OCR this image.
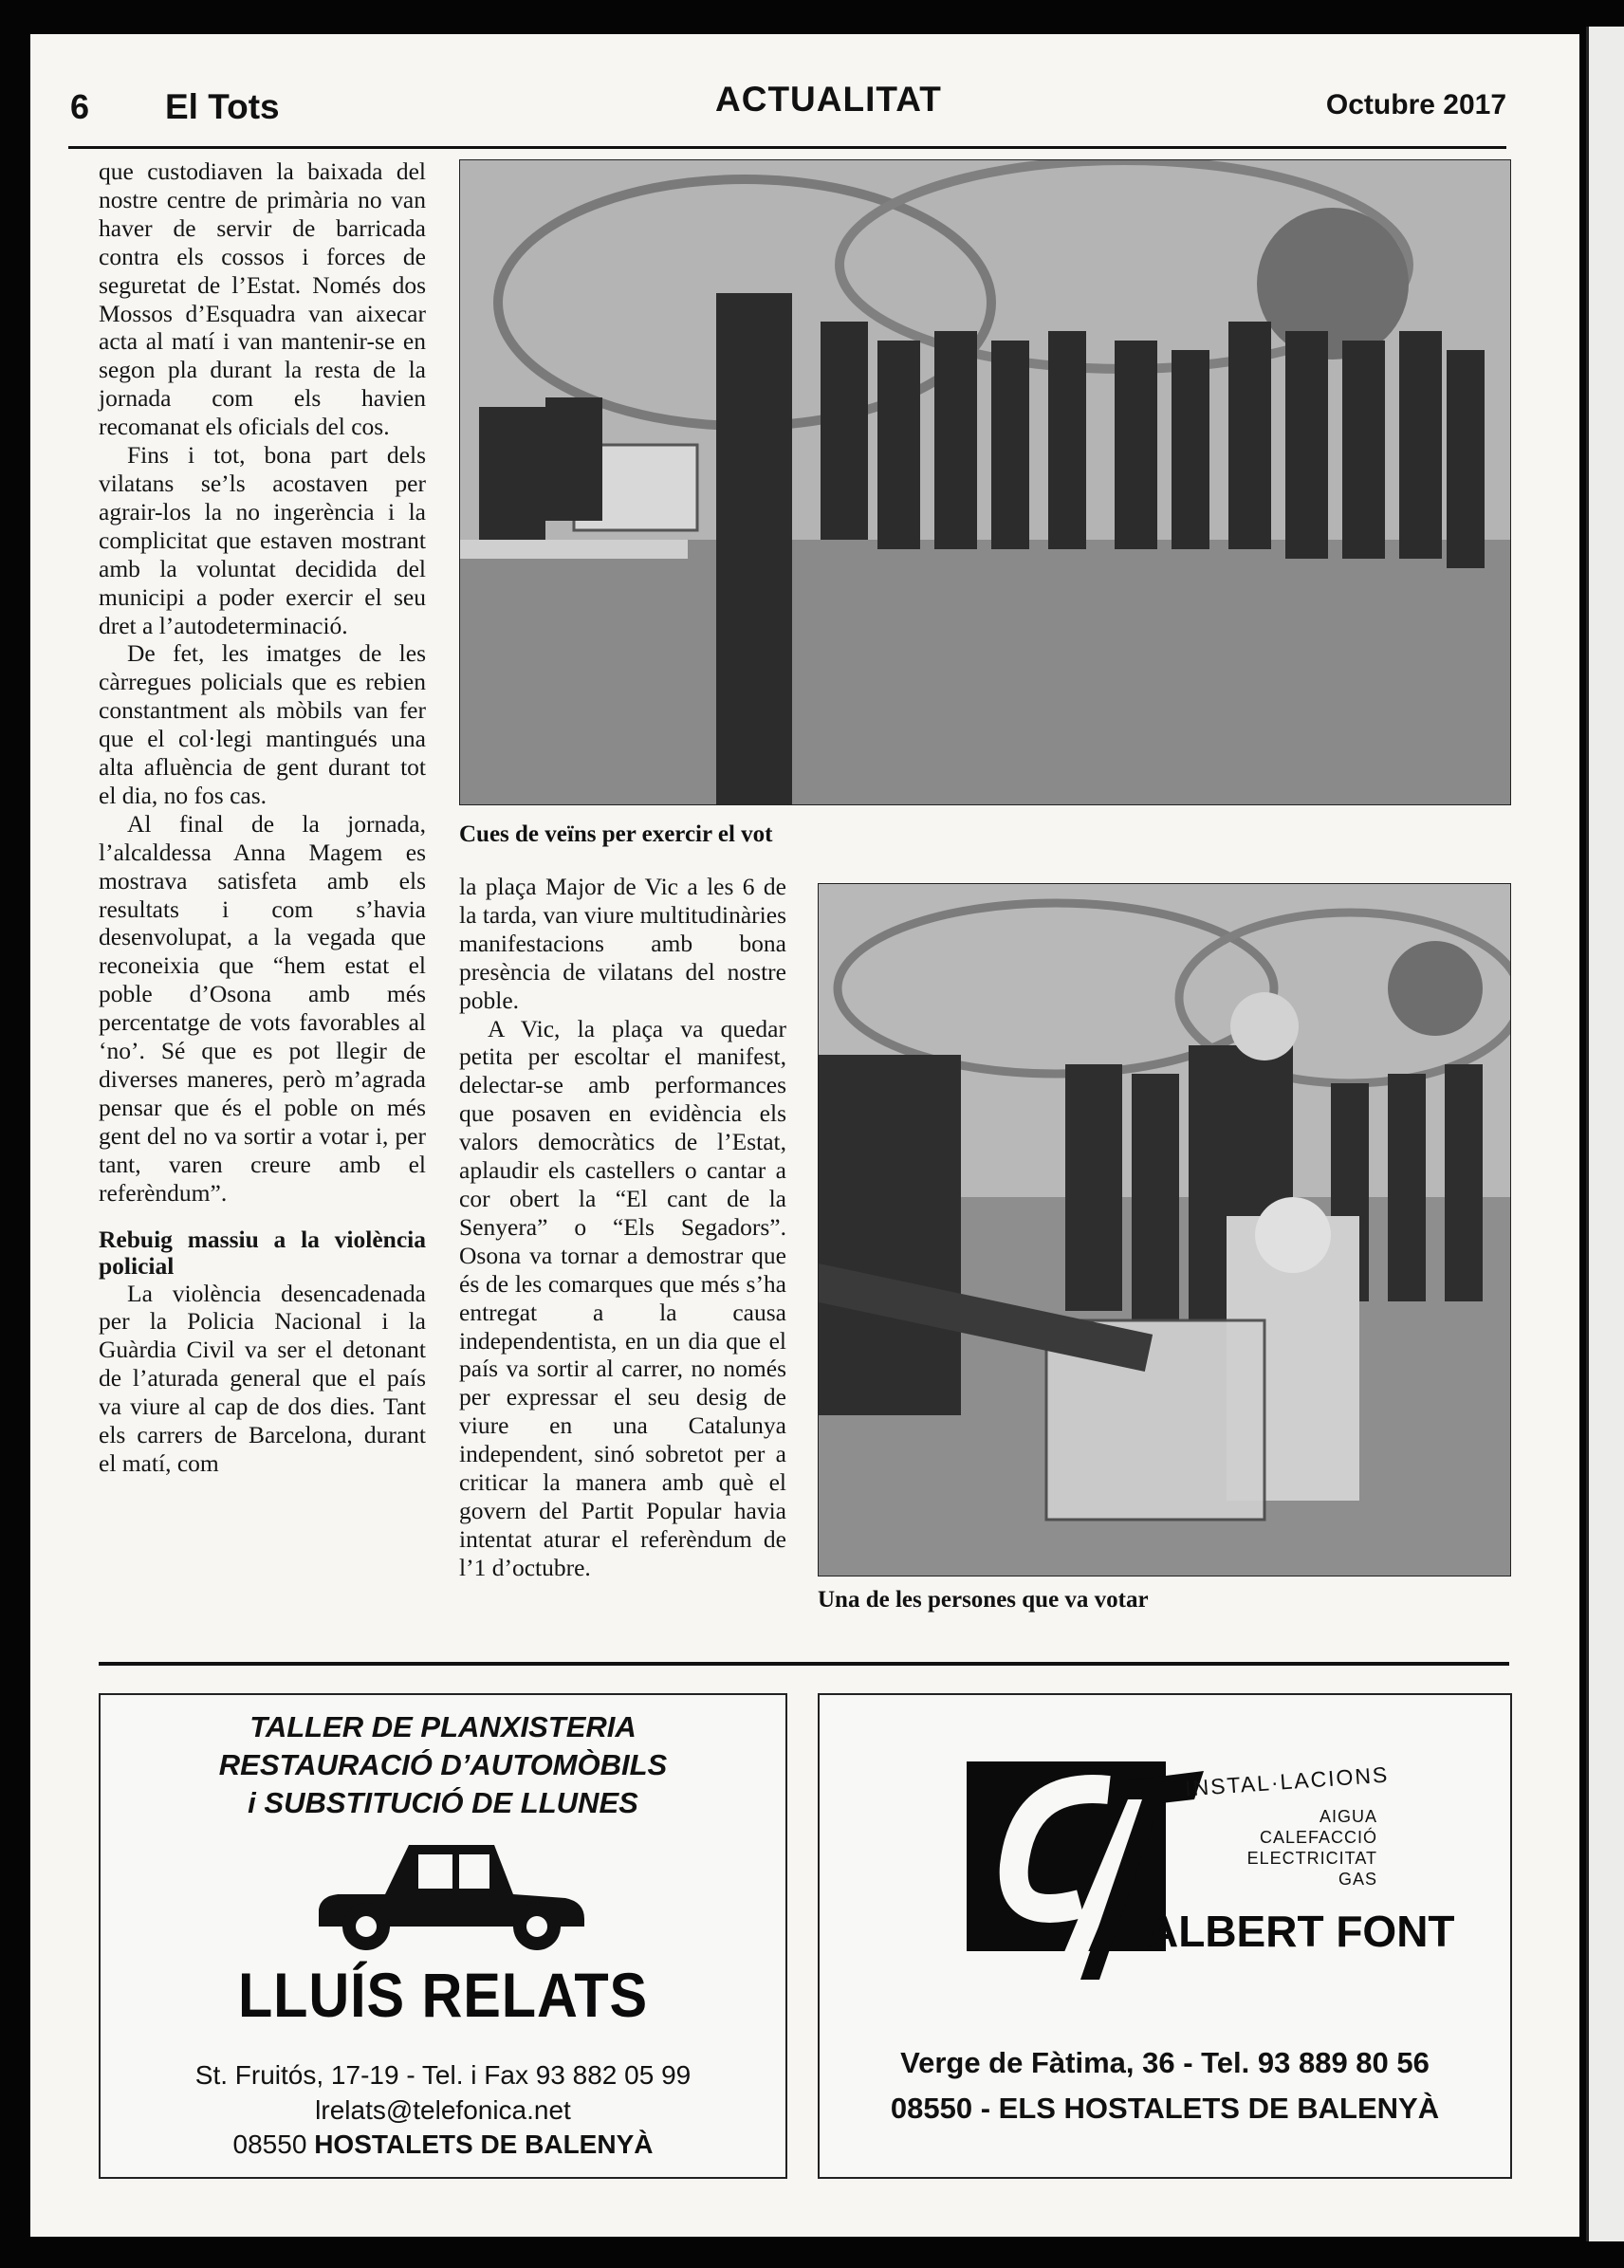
6 El Tots	ACTUALITAT	Octubre 2017

que custodiaven la baixada del nostre centre de primària no van haver de servir de barricada contra els cossos i forces de seguretat de l’Estat. Només dos Mossos d’Esquadra van aixecar acta al matí i van mantenir-se en segon pla durant la resta de la jornada com els havien recomanat els oficials del cos.

Fins i tot, bona part dels vilatans se’ls acostaven per agrair-los la no ingerència i la complicitat que estaven mostrant amb la voluntat decidida del municipi a poder exercir el seu dret a l’autodeterminació.

De fet, les imatges de les càrregues policials que es rebien constantment als mòbils van fer que el col·legi mantingués una alta afluència de gent durant tot el dia, no fos cas.

Al final de la jornada, l’alcaldessa Anna Magem es mostrava satisfeta amb els resultats i com s’havia desenvolupat, a la vegada que reconeixia que “hem estat el poble d’Osona amb més percentatge de vots favorables al ‘no’. Sé que es pot llegir de diverses maneres, però m’agrada pensar que és el poble on més gent del no va sortir a votar i, per tant, varen creure amb el referèndum”.

Rebuig massiu a la violència policial

La violència desencadenada per la Policia Nacional i la Guàrdia Civil va ser el detonant de l’aturada general que el país va viure al cap de dos dies. Tant els carrers de Barcelona, durant el matí, com

Cues de veïns per exercir el vot

la plaça Major de Vic a les 6 de la tarda, van viure multitudinàries manifestacions amb bona presència de vilatans del nostre poble.

A Vic, la plaça va quedar petita per escoltar el manifest, delectar-se amb performances que posaven en evidència els valors democràtics de l’Estat, aplaudir els castellers o cantar a cor obert la “El cant de la Senyera” o “Els Segadors”. Osona va tornar a demostrar que és de les comarques que més s’ha entregat a la causa independentista, en un dia que el país va sortir al carrer, no només per expressar el seu desig de viure en una Catalunya independent, sinó sobretot per a criticar la manera amb què el govern del Partit Popular havia intentat aturar el referèndum de l’1 d’octubre.

Una de les persones que va votar
TALLER DE PLANXISTERIA
RESTAURACIÓ D’AUTOMÒBILS
i SUBSTITUCIÓ DE LLUNES
LLUÍS RELATS
St. Fruitós, 17-19 - Tel. i Fax 93 882 05 99
lrelats@telefonica.net
08550 HOSTALETS DE BALENYÀ
INSTAL·LACIONS
AIGUA
CALEFACCIÓ
ELECTRICITAT
GAS
ALBERT FONT
Verge de Fàtima, 36 - Tel. 93 889 80 56
08550 - ELS HOSTALETS DE BALENYÀ
